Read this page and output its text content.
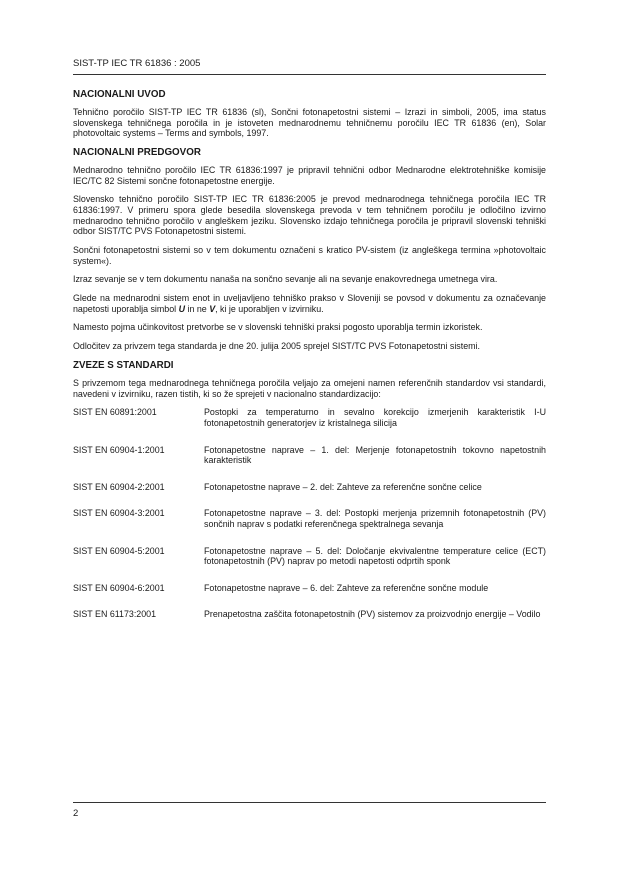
SIST-TP IEC TR 61836 : 2005
NACIONALNI UVOD

Tehnično poročilo SIST-TP IEC TR 61836 (sl), Sončni fotonapetostni sistemi – Izrazi in simboli, 2005, ima status slovenskega tehničnega poročila in je istoveten mednarodnemu tehničnemu poročilu IEC TR 61836 (en), Solar photovoltaic systems – Terms and symbols, 1997.

NACIONALNI PREDGOVOR

Mednarodno tehnično poročilo IEC TR 61836:1997 je pripravil tehnični odbor Mednarodne elektrotehniške komisije IEC/TC 82 Sistemi sončne fotonapetostne energije.

Slovensko tehnično poročilo SIST-TP IEC TR 61836:2005 je prevod mednarodnega tehničnega poročila IEC TR 61836:1997. V primeru spora glede besedila slovenskega prevoda v tem tehničnem poročilu je odločilno izvirno mednarodno tehnično poročilo v angleškem jeziku. Slovensko izdajo tehničnega poročila je pripravil slovenski tehniški odbor SIST/TC PVS Fotonapetostni sistemi.

Sončni fotonapetostni sistemi so v tem dokumentu označeni s kratico PV-sistem (iz angleškega termina »photovoltaic system«).

Izraz sevanje se v tem dokumentu nanaša na sončno sevanje ali na sevanje enakovrednega umetnega vira.

Glede na mednarodni sistem enot in uveljavljeno tehniško prakso v Sloveniji se povsod v dokumentu za označevanje napetosti uporablja simbol U in ne V, ki je uporabljen v izvirniku.

Namesto pojma učinkovitost pretvorbe se v slovenski tehniški praksi pogosto uporablja termin izkoristek.

Odločitev za privzem tega standarda je dne 20. julija 2005 sprejel SIST/TC PVS Fotonapetostni sistemi.

ZVEZE S STANDARDI

S privzemom tega mednarodnega tehničnega poročila veljajo za omejeni namen referenčnih standardov vsi standardi, navedeni v izvirniku, razen tistih, ki so že sprejeti v nacionalno standardizacijo:

SIST EN 60891:2001	Postopki za temperaturno in sevalno korekcijo izmerjenih karakteristik I-U fotonapetostnih generatorjev iz kristalnega silicija
SIST EN 60904-1:2001	Fotonapetostne naprave – 1. del: Merjenje fotonapetostnih tokovno napetostnih karakteristik
SIST EN 60904-2:2001	Fotonapetostne naprave – 2. del: Zahteve za referenčne sončne celice
SIST EN 60904-3:2001	Fotonapetostne naprave – 3. del: Postopki merjenja prizemnih fotonapetostnih (PV) sončnih naprav s podatki referenčnega spektralnega sevanja
SIST EN 60904-5:2001	Fotonapetostne naprave – 5. del: Določanje ekvivalentne temperature celice (ECT) fotonapetostnih (PV) naprav po metodi napetosti odprtih sponk
SIST EN 60904-6:2001	Fotonapetostne naprave – 6. del: Zahteve za referenčne sončne module
SIST EN 61173:2001	Prenapetostna zaščita fotonapetostnih (PV) sistemov za proizvodnjo energije – Vodilo
2
